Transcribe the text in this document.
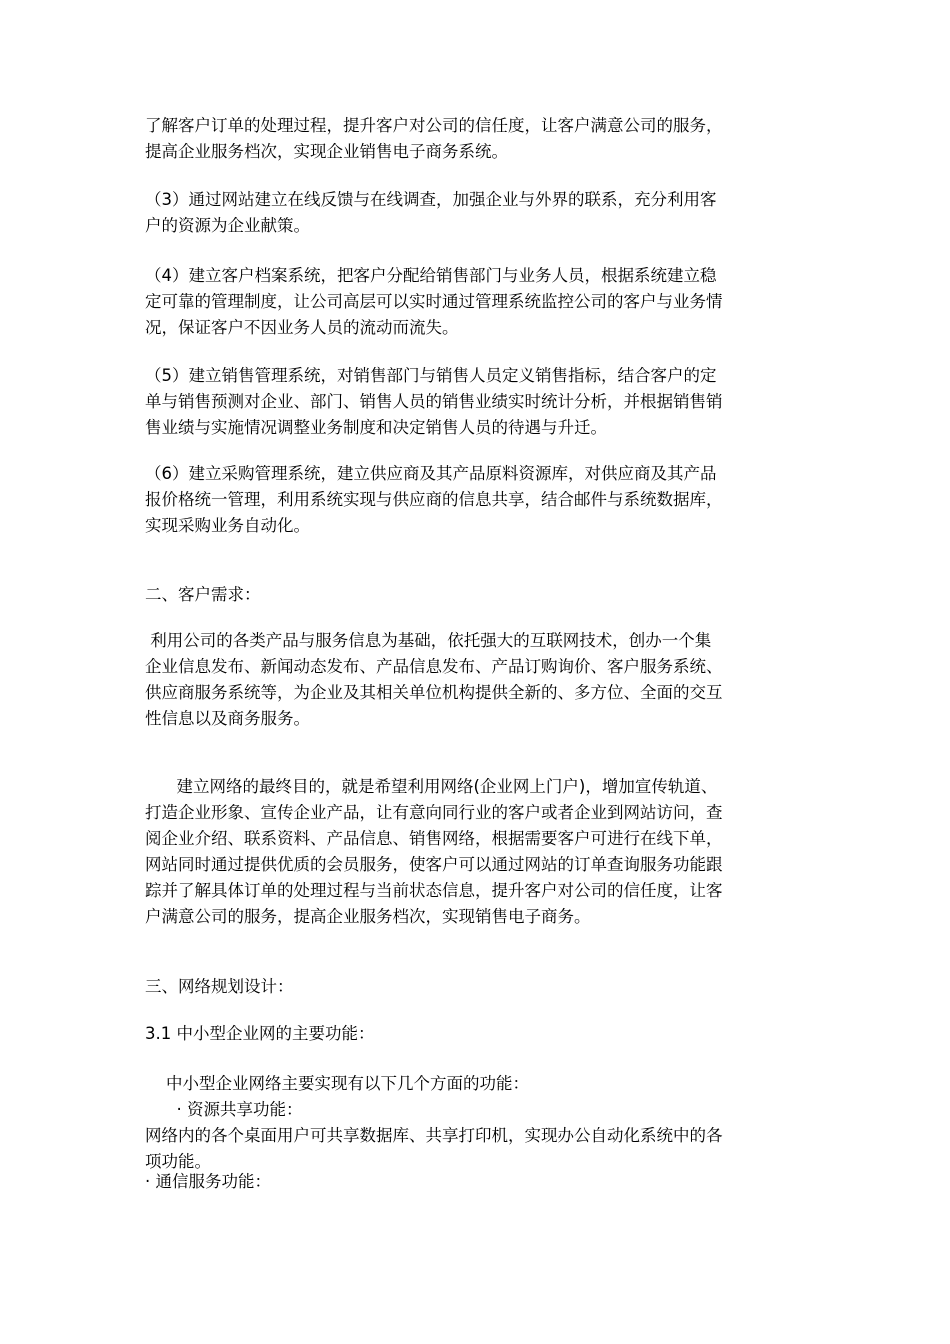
了解客户订单的处理过程，提升客户对公司的信任度，让客户满意公司的服务，
提高企业服务档次，实现企业销售电子商务系统。

（3）通过网站建立在线反馈与在线调查，加强企业与外界的联系，充分利用客
户的资源为企业献策。

（4）建立客户档案系统，把客户分配给销售部门与业务人员，根据系统建立稳
定可靠的管理制度，让公司高层可以实时通过管理系统监控公司的客户与业务情
况，保证客户不因业务人员的流动而流失。

（5）建立销售管理系统，对销售部门与销售人员定义销售指标，结合客户的定
单与销售预测对企业、部门、销售人员的销售业绩实时统计分析，并根据销售销
售业绩与实施情况调整业务制度和决定销售人员的待遇与升迁。

（6）建立采购管理系统，建立供应商及其产品原料资源库，对供应商及其产品
报价格统一管理，利用系统实现与供应商的信息共享，结合邮件与系统数据库，
实现采购业务自动化。

二、客户需求：

利用公司的各类产品与服务信息为基础，依托强大的互联网技术，创办一个集
企业信息发布、新闻动态发布、产品信息发布、产品订购询价、客户服务系统、
供应商服务系统等，为企业及其相关单位机构提供全新的、多方位、全面的交互
性信息以及商务服务。

建立网络的最终目的，就是希望利用网络(企业网上门户)，增加宣传轨道、
打造企业形象、宣传企业产品，让有意向同行业的客户或者企业到网站访问，查
阅企业介绍、联系资料、产品信息、销售网络，根据需要客户可进行在线下单，
网站同时通过提供优质的会员服务，使客户可以通过网站的订单查询服务功能跟
踪并了解具体订单的处理过程与当前状态信息，提升客户对公司的信任度，让客
户满意公司的服务，提高企业服务档次，实现销售电子商务。

三、网络规划设计：

3.1 中小型企业网的主要功能：

中小型企业网络主要实现有以下几个方面的功能：

· 资源共享功能：

网络内的各个桌面用户可共享数据库、共享打印机，实现办公自动化系统中的各
项功能。

· 通信服务功能：
